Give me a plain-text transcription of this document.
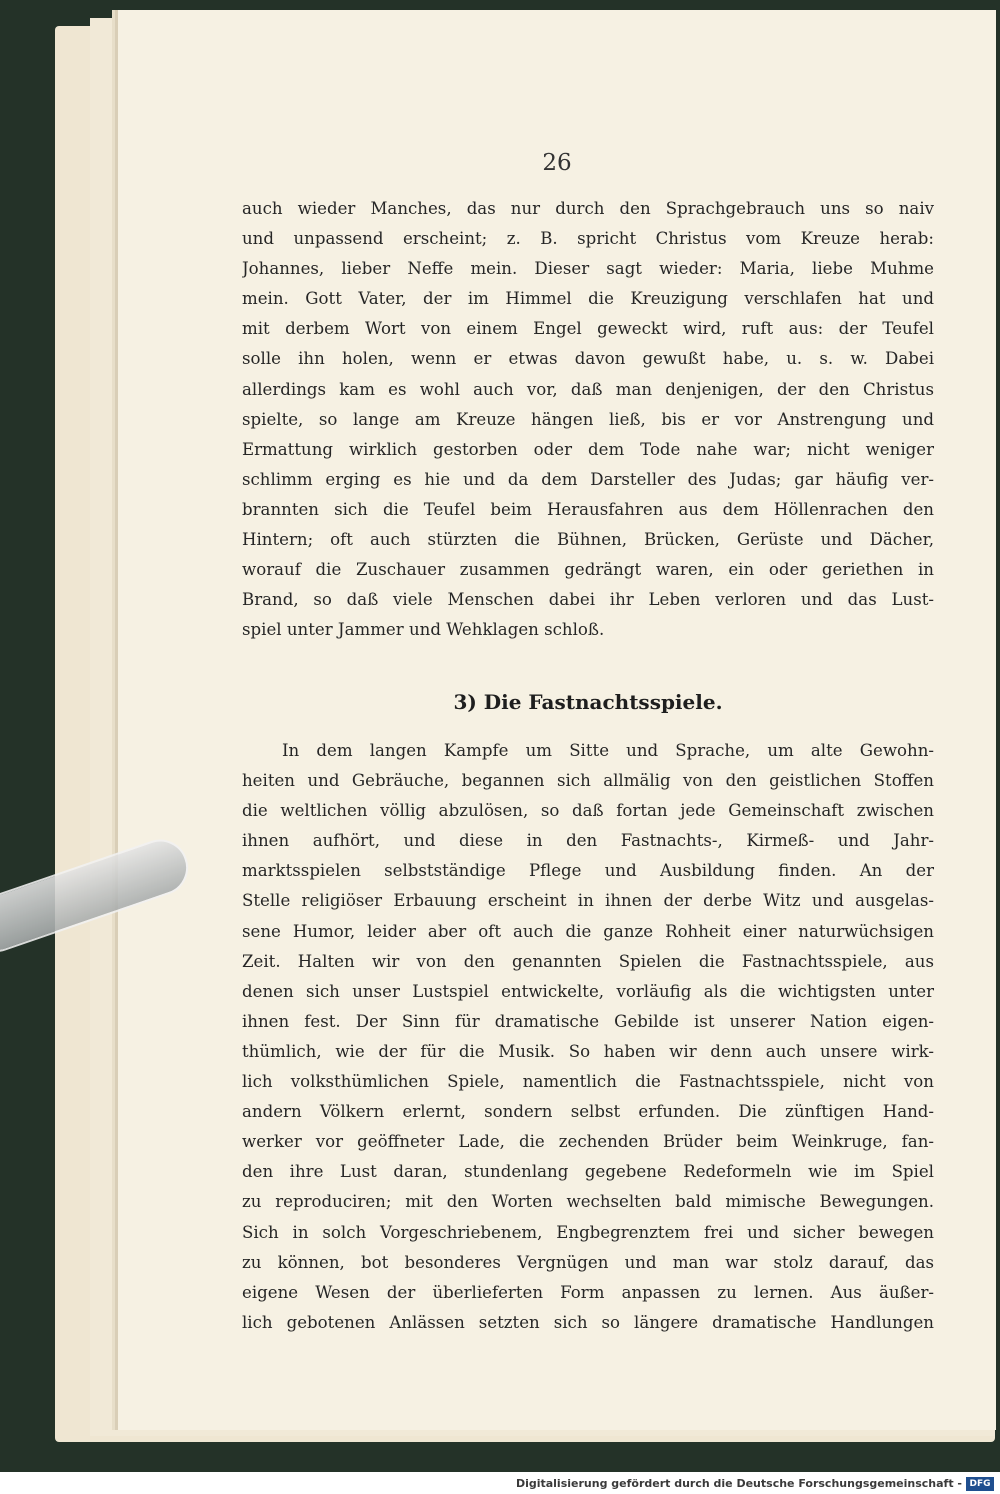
26
auch wieder Manches, das nur durch den Sprachgebrauch uns so naiv
und unpassend erscheint; z. B. spricht Christus vom Kreuze herab:
Johannes, lieber Neffe mein. Dieser sagt wieder: Maria, liebe Muhme
mein. Gott Vater, der im Himmel die Kreuzigung verschlafen hat und
mit derbem Wort von einem Engel geweckt wird, ruft aus: der Teufel
solle ihn holen, wenn er etwas davon gewußt habe, u. s. w. Dabei
allerdings kam es wohl auch vor, daß man denjenigen, der den Christus
spielte, so lange am Kreuze hängen ließ, bis er vor Anstrengung und
Ermattung wirklich gestorben oder dem Tode nahe war; nicht weniger
schlimm erging es hie und da dem Darsteller des Judas; gar häufig ver-
brannten sich die Teufel beim Herausfahren aus dem Höllenrachen den
Hintern; oft auch stürzten die Bühnen, Brücken, Gerüste und Dächer,
worauf die Zuschauer zusammen gedrängt waren, ein oder geriethen in
Brand, so daß viele Menschen dabei ihr Leben verloren und das Lust-
spiel unter Jammer und Wehklagen schloß.
3) Die Fastnachtsspiele.
In dem langen Kampfe um Sitte und Sprache, um alte Gewohn-
heiten und Gebräuche, begannen sich allmälig von den geistlichen Stoffen
die weltlichen völlig abzulösen, so daß fortan jede Gemeinschaft zwischen
ihnen aufhört, und diese in den Fastnachts-, Kirmeß- und Jahr-
marktsspielen selbstständige Pflege und Ausbildung finden. An der
Stelle religiöser Erbauung erscheint in ihnen der derbe Witz und ausgelas-
sene Humor, leider aber oft auch die ganze Rohheit einer naturwüchsigen
Zeit. Halten wir von den genannten Spielen die Fastnachtsspiele, aus
denen sich unser Lustspiel entwickelte, vorläufig als die wichtigsten unter
ihnen fest. Der Sinn für dramatische Gebilde ist unserer Nation eigen-
thümlich, wie der für die Musik. So haben wir denn auch unsere wirk-
lich volksthümlichen Spiele, namentlich die Fastnachtsspiele, nicht von
andern Völkern erlernt, sondern selbst erfunden. Die zünftigen Hand-
werker vor geöffneter Lade, die zechenden Brüder beim Weinkruge, fan-
den ihre Lust daran, stundenlang gegebene Redeformeln wie im Spiel
zu reproduciren; mit den Worten wechselten bald mimische Bewegungen.
Sich in solch Vorgeschriebenem, Engbegrenztem frei und sicher bewegen
zu können, bot besonderes Vergnügen und man war stolz darauf, das
eigene Wesen der überlieferten Form anpassen zu lernen. Aus äußer-
lich gebotenen Anlässen setzten sich so längere dramatische Handlungen
Digitalisierung gefördert durch die Deutsche Forschungsgemeinschaft - DFG
